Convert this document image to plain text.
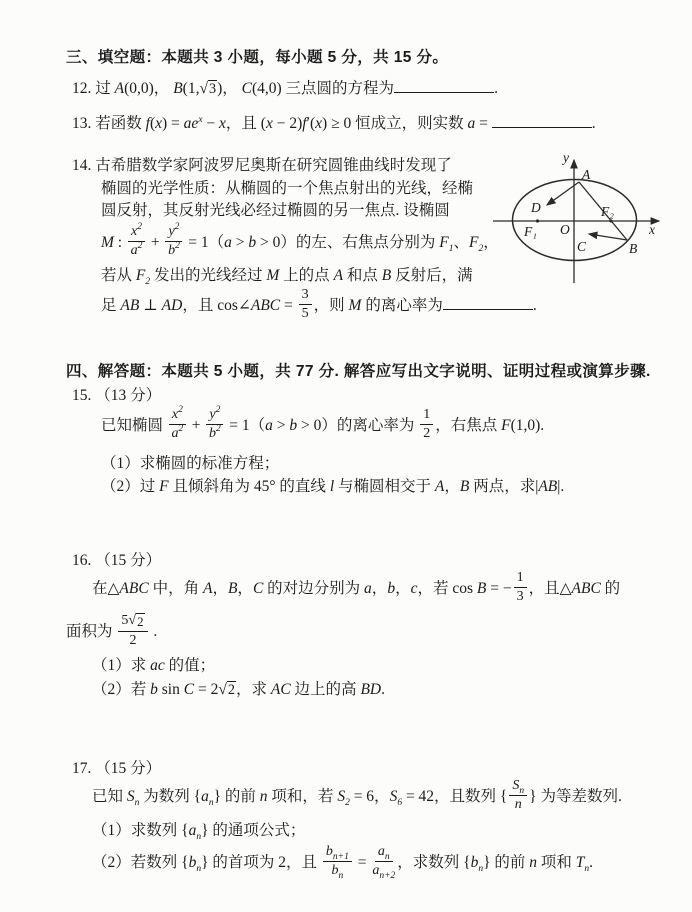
三、填空题：本题共 3 小题，每小题 5 分，共 15 分。
12. 过 A(0,0)， B(1, √ 3 )， C(4,0) 三点圆的方程为	.
13. 若函数 $f(x) = ae^x - x$，且 (x − 2)f′(x) ≥ 0 恒成立，则实数 a =	.
14. 古希腊数学家阿波罗尼奥斯在研究圆锥曲线时发现了
椭圆的光学性质：从椭圆的一个焦点射出的光线，经椭
圆反射，其反射光线必经过椭圆的另一焦点. 设椭圆
M : $\frac{x^2}{a^2} + \frac{y^2}{b^2} = 1(a > b > 0)$的左、右焦点分别为 $F_1$、$F_2$，
若从 $F_2$ 发出的光线经过 M 上的点 A 和点 B 反射后，满
足 AB ⊥ AD，且 cos∠ABC = $\frac{3}{5}$ ，则 M 的离心率为	.
四、解答题：本题共 5 小题，共 77 分. 解答应写出文字说明、证明过程或演算步骤.
15. （13 分）
已知椭圆 $\frac{x^2}{a^2} + \frac{y^2}{b^2} = 1(a > b > 0)$的离心率为 $\frac{1}{2}$ ，右焦点 F(1,0).
（1）求椭圆的标准方程；
（2）过 F 且倾斜角为 45° 的直线 l 与椭圆相交于 A，B 两点，求|AB|.
16. （15 分）
在△ABC 中，角 A，B，C 的对边分别为 a，b，c，若 cos B = − $\frac{1}{3}$ ，且△ABC 的
面积为 $\frac{5 √ 2}{2}$ .
（1）求 ac 的值；
（2）若 b sin C = 2 √ 2 ，求 AC 边上的高 BD.
17. （15 分）
已知 $S_n$ 为数列 $\{a_n\}$ 的前 n 项和，若 $S_2 = 6$，$S_6 = 42$，且数列 { $\frac{S_n}{n}$ } 为等差数列.
（1）求数列 $\{a_n\}$ 的通项公式；
（2）若数列 $\{b_n\}$ 的首项为 2，且 $\frac{b_{n+1}}{b_n} = \frac{a_n}{a_{n+2}}$ ，求数列 $\{b_n\}$ 的前 n 项和 $T_n$.
y
x
O
F₁
F₂
A
B
C
D
